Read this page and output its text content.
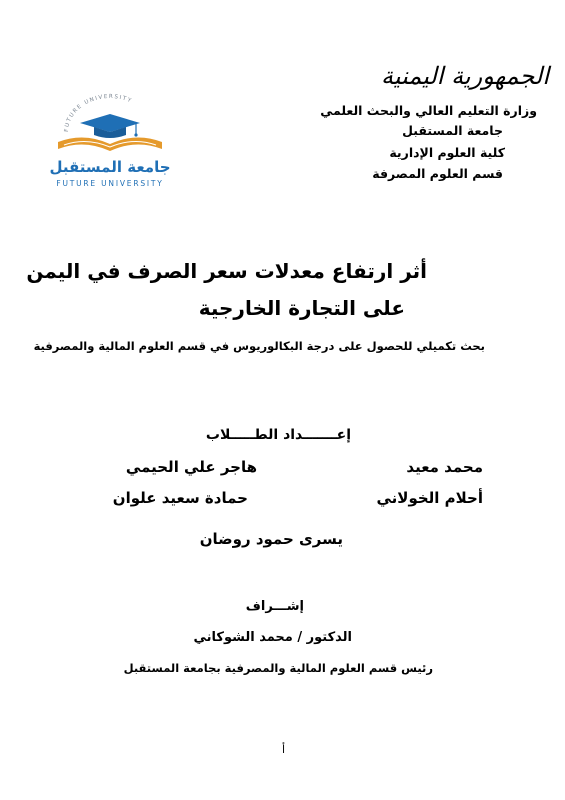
الجمهورية اليمنية
وزارة التعليم العالي والبحث العلمي
جامعة المستقبل
كلية العلوم الإدارية
قسم العلوم المصرفة
FUTURE UNIVERSITY
جامعة المستقبل
FUTURE UNIVERSITY
أثر ارتفاع معدلات سعر الصرف في اليمن
على التجارة الخارجية
بحث تكميلي للحصول على درجة البكالوريوس في قسم العلوم المالية والمصرفية
إعـــــــداد الطـــــلاب
محمد معيد
هاجر علي الحيمي
أحلام الخولاني
حمادة سعيد علوان
يسرى حمود روضان
إشـــراف
الدكتور / محمد الشوكاني
رئيس قسم العلوم المالية والمصرفية بجامعة المستقبل
أ
